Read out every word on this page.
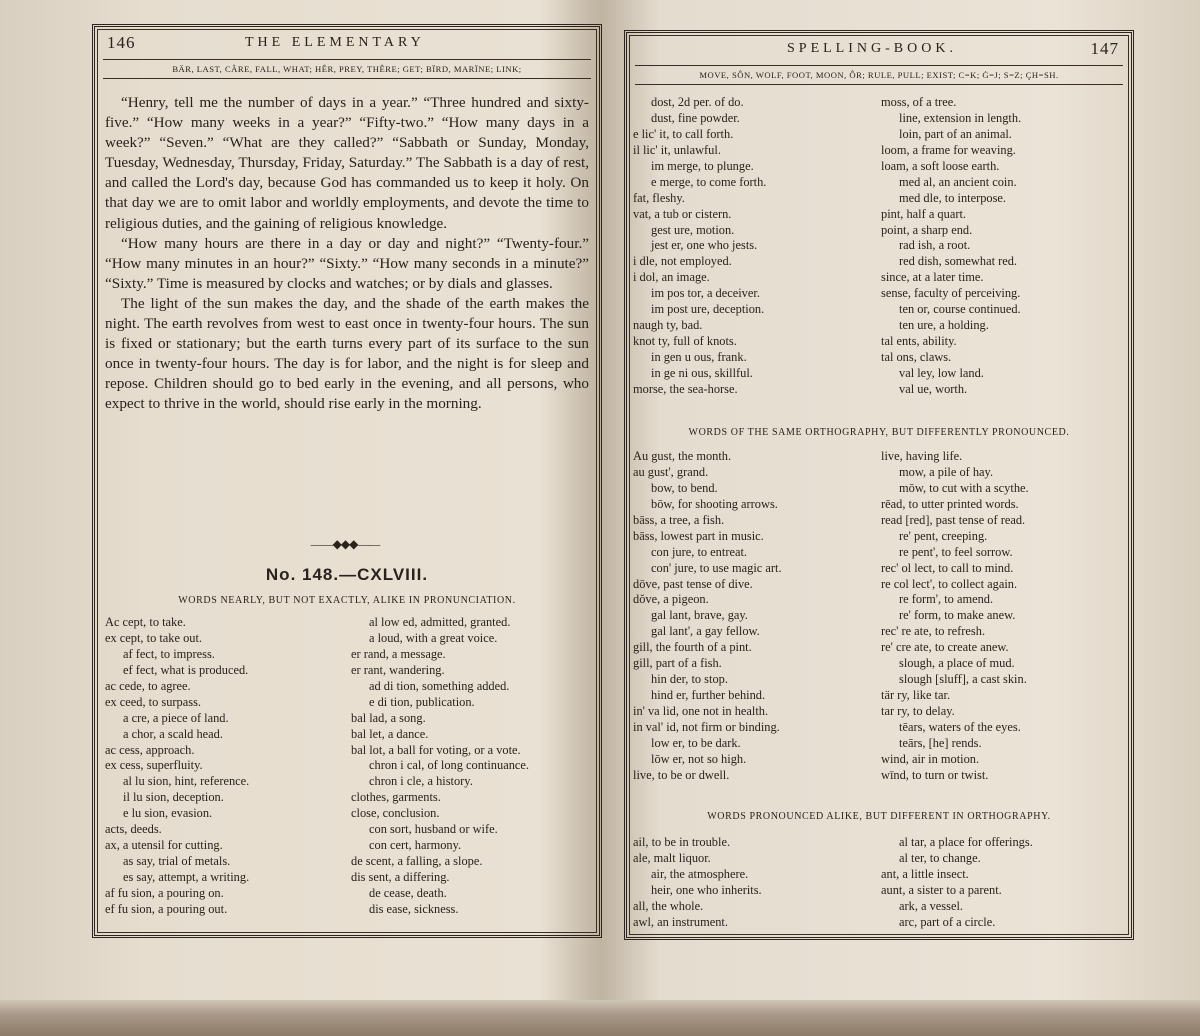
146	THE ELEMENTARY
BÄR, LAST, CÂRE, FALL, WHAT; HÊR, PREY, THÊRE; GET; BÏRD, MARÏNE; LINK;

“Henry, tell me the number of days in a year.” “Three hundred and sixty-five.” “How many weeks in a year?” “Fifty-two.” “How many days in a week?” “Seven.” “What are they called?” “Sabbath or Sunday, Monday, Tuesday, Wednesday, Thursday, Friday, Saturday.” The Sabbath is a day of rest, and called the Lord's day, because God has commanded us to keep it holy. On that day we are to omit labor and worldly employments, and devote the time to religious duties, and the gaining of religious knowledge.

“How many hours are there in a day or day and night?” “Twenty-four.” “How many minutes in an hour?” “Sixty.” “How many seconds in a minute?” “Sixty.” Time is measured by clocks and watches; or by dials and glasses.

The light of the sun makes the day, and the shade of the earth makes the night. The earth revolves from west to east once in twenty-four hours. The sun is fixed or stationary; but the earth turns every part of its surface to the sun once in twenty-four hours. The day is for labor, and the night is for sleep and repose. Children should go to bed early in the evening, and all persons, who expect to thrive in the world, should rise early in the morning.

——◆◆◆——
No. 148.—CXLVIII.
WORDS NEARLY, BUT NOT EXACTLY, ALIKE IN PRONUNCIATION.
Ac cept, to take.
ex cept, to take out.
af fect, to impress.
ef fect, what is produced.
ac cede, to agree.
ex ceed, to surpass.
a cre, a piece of land.
a chor, a scald head.
ac cess, approach.
ex cess, superfluity.
al lu sion, hint, reference.
il lu sion, deception.
e lu sion, evasion.
acts, deeds.
ax, a utensil for cutting.
as say, trial of metals.
es say, attempt, a writing.
af fu sion, a pouring on.
ef fu sion, a pouring out.
al low ed, admitted, granted.
a loud, with a great voice.
er rand, a message.
er rant, wandering.
ad di tion, something added.
e di tion, publication.
bal lad, a song.
bal let, a dance.
bal lot, a ball for voting, or a vote.
chron i cal, of long continuance.
chron i cle, a history.
clothes, garments.
close, conclusion.
con sort, husband or wife.
con cert, harmony.
de scent, a falling, a slope.
dis sent, a differing.
de cease, death.
dis ease, sickness.
SPELLING-BOOK.	147
MOVE, SÔN, WOLF, FOOT, MOON, ÔR; RULE, PULL; EXIST; C=K; Ġ=J; S=Z; ÇH=SH.
dost, 2d per. of do.
dust, fine powder.
e lic' it, to call forth.
il lic' it, unlawful.
im merge, to plunge.
e merge, to come forth.
fat, fleshy.
vat, a tub or cistern.
gest ure, motion.
jest er, one who jests.
i dle, not employed.
i dol, an image.
im pos tor, a deceiver.
im post ure, deception.
naugh ty, bad.
knot ty, full of knots.
in gen u ous, frank.
in ge ni ous, skillful.
morse, the sea-horse.
moss, of a tree.
line, extension in length.
loin, part of an animal.
loom, a frame for weaving.
loam, a soft loose earth.
med al, an ancient coin.
med dle, to interpose.
pint, half a quart.
point, a sharp end.
rad ish, a root.
red dish, somewhat red.
since, at a later time.
sense, faculty of perceiving.
ten or, course continued.
ten ure, a holding.
tal ents, ability.
tal ons, claws.
val ley, low land.
val ue, worth.
WORDS OF THE SAME ORTHOGRAPHY, BUT DIFFERENTLY PRONOUNCED.
Au gust, the month.
au gust', grand.
bow, to bend.
bōw, for shooting arrows.
bāss, a tree, a fish.
bāss, lowest part in music.
con jure, to entreat.
con' jure, to use magic art.
dōve, past tense of dive.
dŏve, a pigeon.
gal lant, brave, gay.
gal lant', a gay fellow.
gill, the fourth of a pint.
gill, part of a fish.
hin der, to stop.
hind er, further behind.
in' va lid, one not in health.
in val' id, not firm or binding.
low er, to be dark.
lōw er, not so high.
live, to be or dwell.
live, having life.
mow, a pile of hay.
mōw, to cut with a scythe.
rēad, to utter printed words.
read [red], past tense of read.
re' pent, creeping.
re pent', to feel sorrow.
rec' ol lect, to call to mind.
re col lect', to collect again.
re form', to amend.
re' form, to make anew.
rec' re ate, to refresh.
re' cre ate, to create anew.
slough, a place of mud.
slough [sluff], a cast skin.
tär ry, like tar.
tar ry, to delay.
tēars, waters of the eyes.
teārs, [he] rends.
wind, air in motion.
wīnd, to turn or twist.
WORDS PRONOUNCED ALIKE, BUT DIFFERENT IN ORTHOGRAPHY.
ail, to be in trouble.
ale, malt liquor.
air, the atmosphere.
heir, one who inherits.
all, the whole.
awl, an instrument.
al tar, a place for offerings.
al ter, to change.
ant, a little insect.
aunt, a sister to a parent.
ark, a vessel.
arc, part of a circle.
